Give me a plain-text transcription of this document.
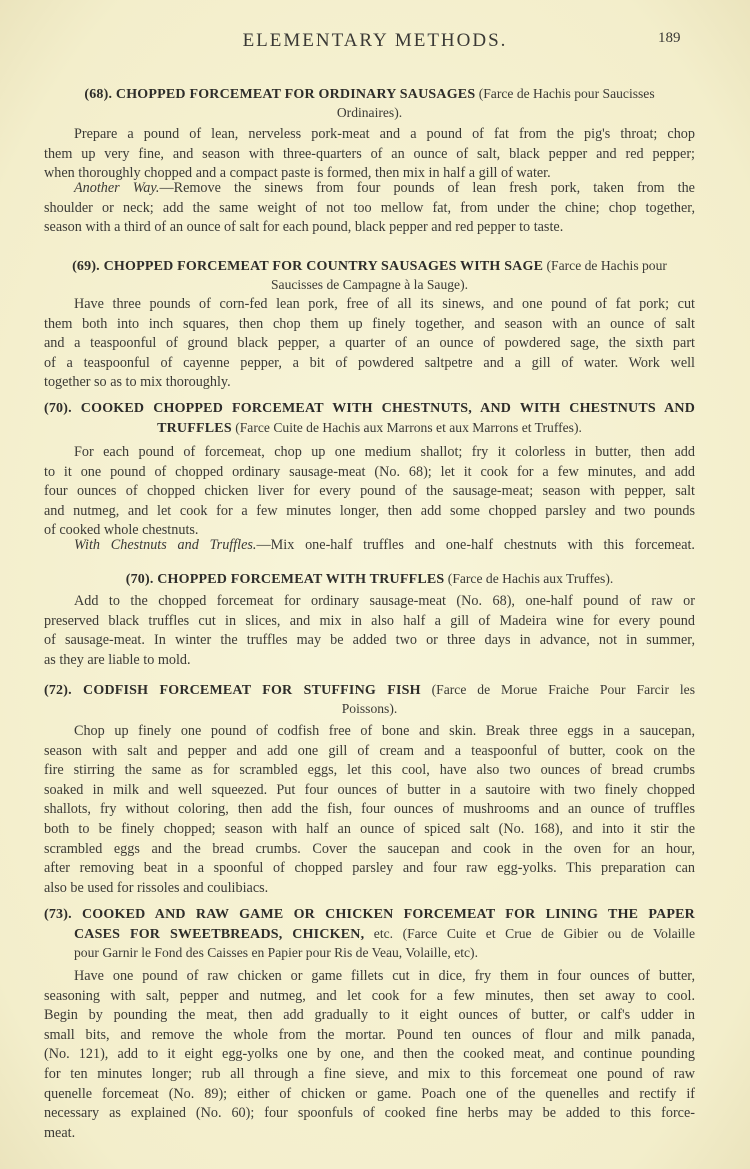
ELEMENTARY METHODS.	189
(68). CHOPPED FORCEMEAT FOR ORDINARY SAUSAGES (Farce de Hachis pour Saucisses
Ordinaires).
Prepare a pound of lean, nerveless pork-meat and a pound of fat from the pig's throat; chop
them up very fine, and season with three-quarters of an ounce of salt, black pepper and red pepper;
when thoroughly chopped and a compact paste is formed, then mix in half a gill of water.
Another Way.—Remove the sinews from four pounds of lean fresh pork, taken from the
shoulder or neck; add the same weight of not too mellow fat, from under the chine; chop together,
season with a third of an ounce of salt for each pound, black pepper and red pepper to taste.
(69). CHOPPED FORCEMEAT FOR COUNTRY SAUSAGES WITH SAGE (Farce de Hachis pour
Saucisses de Campagne à la Sauge).
Have three pounds of corn-fed lean pork, free of all its sinews, and one pound of fat pork; cut
them both into inch squares, then chop them up finely together, and season with an ounce of salt
and a teaspoonful of ground black pepper, a quarter of an ounce of powdered sage, the sixth part
of a teaspoonful of cayenne pepper, a bit of powdered saltpetre and a gill of water. Work well
together so as to mix thoroughly.
(70). COOKED CHOPPED FORCEMEAT WITH CHESTNUTS, AND WITH CHESTNUTS AND
TRUFFLES (Farce Cuite de Hachis aux Marrons et aux Marrons et Truffes).
For each pound of forcemeat, chop up one medium shallot; fry it colorless in butter, then add
to it one pound of chopped ordinary sausage-meat (No. 68); let it cook for a few minutes, and add
four ounces of chopped chicken liver for every pound of the sausage-meat; season with pepper, salt
and nutmeg, and let cook for a few minutes longer, then add some chopped parsley and two pounds
of cooked whole chestnuts.
With Chestnuts and Truffles.—Mix one-half truffles and one-half chestnuts with this forcemeat.
(70). CHOPPED FORCEMEAT WITH TRUFFLES (Farce de Hachis aux Truffes).
Add to the chopped forcemeat for ordinary sausage-meat (No. 68), one-half pound of raw or
preserved black truffles cut in slices, and mix in also half a gill of Madeira wine for every pound
of sausage-meat. In winter the truffles may be added two or three days in advance, not in summer,
as they are liable to mold.
(72). CODFISH FORCEMEAT FOR STUFFING FISH (Farce de Morue Fraiche Pour Farcir les
Poissons).
Chop up finely one pound of codfish free of bone and skin. Break three eggs in a saucepan,
season with salt and pepper and add one gill of cream and a teaspoonful of butter, cook on the
fire stirring the same as for scrambled eggs, let this cool, have also two ounces of bread crumbs
soaked in milk and well squeezed. Put four ounces of butter in a sautoire with two finely chopped
shallots, fry without coloring, then add the fish, four ounces of mushrooms and an ounce of truffles
both to be finely chopped; season with half an ounce of spiced salt (No. 168), and into it stir the
scrambled eggs and the bread crumbs. Cover the saucepan and cook in the oven for an hour,
after removing beat in a spoonful of chopped parsley and four raw egg-yolks. This preparation can
also be used for rissoles and coulibiacs.
(73). COOKED AND RAW GAME OR CHICKEN FORCEMEAT FOR LINING THE PAPER
CASES FOR SWEETBREADS, CHICKEN, etc. (Farce Cuite et Crue de Gibier ou de Volaille
pour Garnir le Fond des Caisses en Papier pour Ris de Veau, Volaille, etc).
Have one pound of raw chicken or game fillets cut in dice, fry them in four ounces of butter,
seasoning with salt, pepper and nutmeg, and let cook for a few minutes, then set away to cool.
Begin by pounding the meat, then add gradually to it eight ounces of butter, or calf's udder in
small bits, and remove the whole from the mortar. Pound ten ounces of flour and milk panada,
(No. 121), add to it eight egg-yolks one by one, and then the cooked meat, and continue pounding
for ten minutes longer; rub all through a fine sieve, and mix to this forcemeat one pound of raw
quenelle forcemeat (No. 89); either of chicken or game. Poach one of the quenelles and rectify if
necessary as explained (No. 60); four spoonfuls of cooked fine herbs may be added to this force-
meat.
